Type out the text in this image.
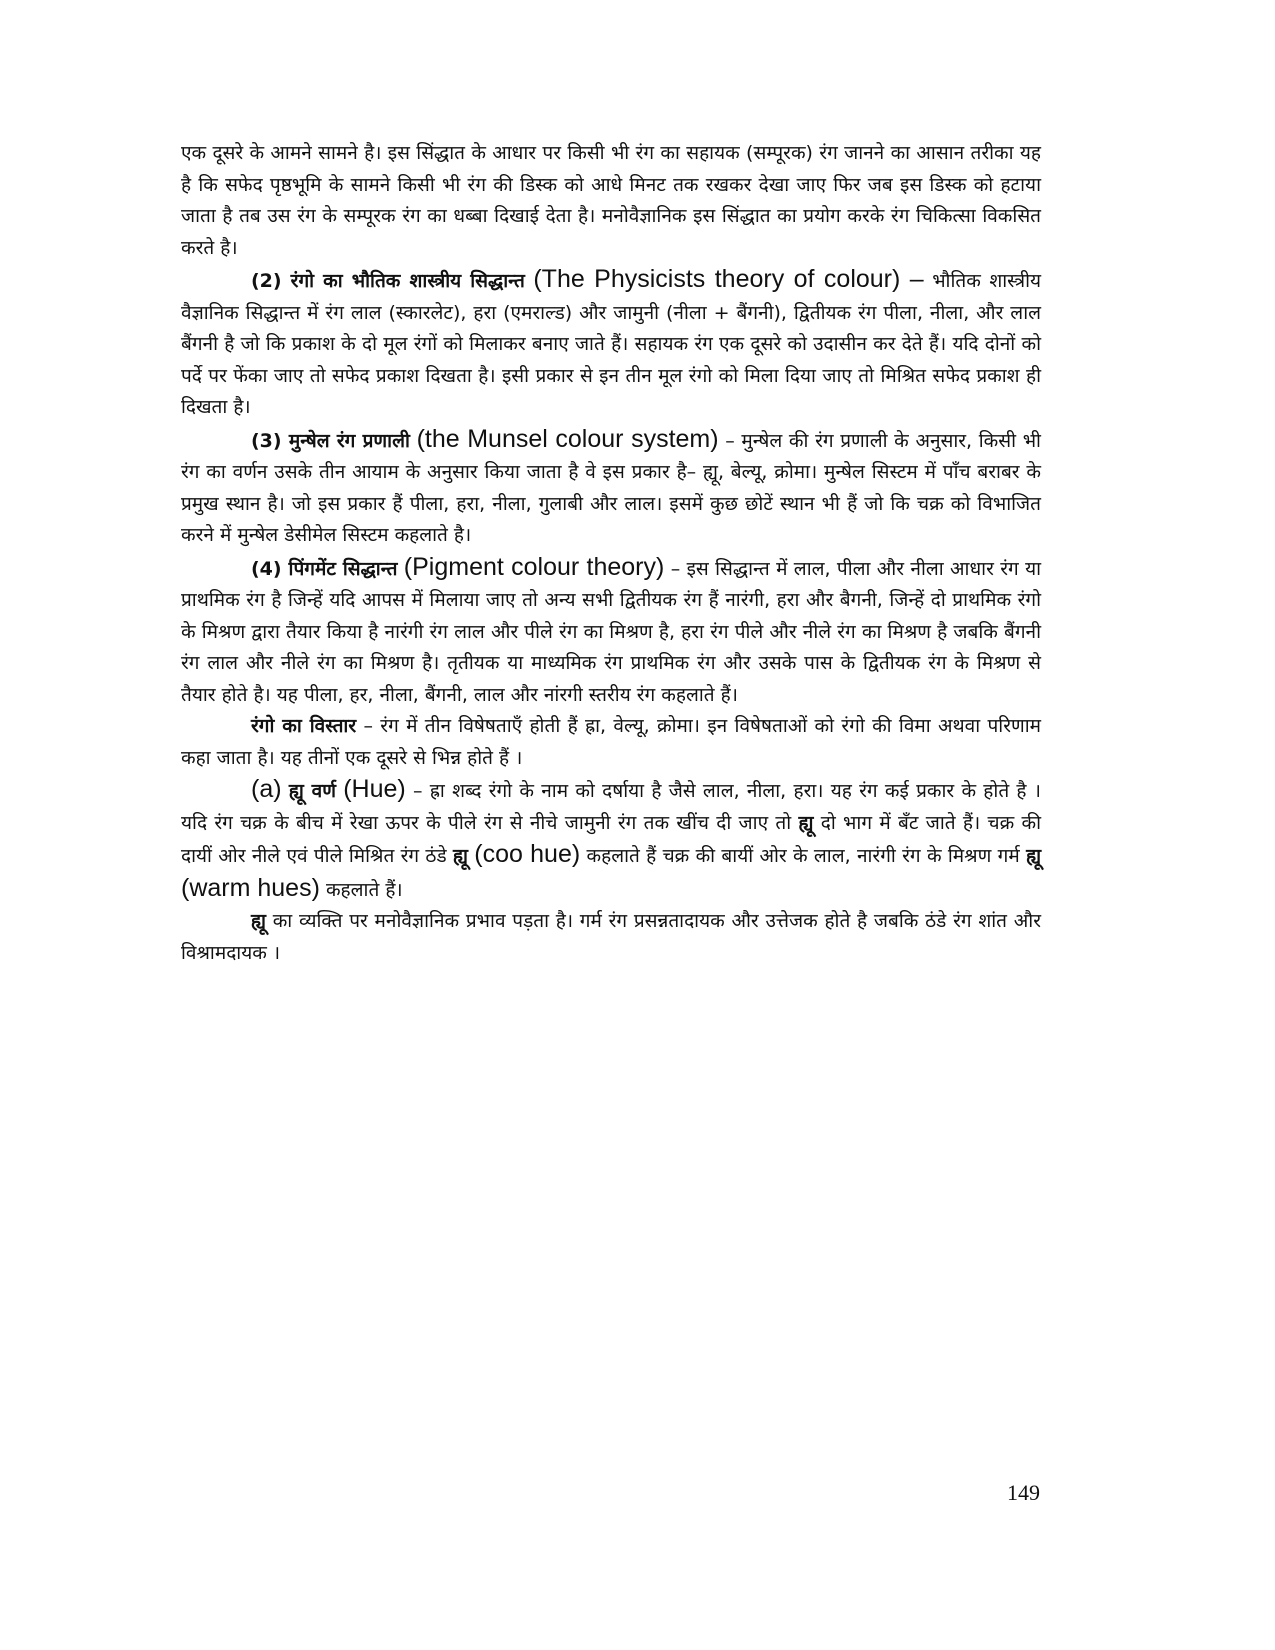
एक दूसरे के आमने सामने है। इस सिंद्धात के आधार पर किसी भी रंग का सहायक (सम्पूरक) रंग जानने का आसान तरीका यह है कि सफेद पृष्ठभूमि के सामने किसी भी रंग की डिस्क को आधे मिनट तक रखकर देखा जाए फिर जब इस डिस्क को हटाया जाता है तब उस रंग के सम्पूरक रंग का धब्बा दिखाई देता है। मनोवैज्ञानिक इस सिंद्धात का प्रयोग करके रंग चिकित्सा विकसित करते है।

(2) रंगो का भौतिक शास्त्रीय सिद्धान्त (The Physicists theory of colour) – भौतिक शास्त्रीय वैज्ञानिक सिद्धान्त में रंग लाल (स्कारलेट), हरा (एमराल्ड) और जामुनी (नीला + बैंगनी), द्वितीयक रंग पीला, नीला, और लाल बैंगनी है जो कि प्रकाश के दो मूल रंगों को मिलाकर बनाए जाते हैं। सहायक रंग एक दूसरे को उदासीन कर देते हैं। यदि दोनों को पर्दे पर फेंका जाए तो सफेद प्रकाश दिखता है। इसी प्रकार से इन तीन मूल रंगो को मिला दिया जाए तो मिश्रित सफेद प्रकाश ही दिखता है।

(3) मुन्षेल रंग प्रणाली (the Munsel colour system) – मुन्षेल की रंग प्रणाली के अनुसार, किसी भी रंग का वर्णन उसके तीन आयाम के अनुसार किया जाता है वे इस प्रकार है– ह्यू, बेल्यू, क्रोमा। मुन्षेल सिस्टम में पाँच बराबर के प्रमुख स्थान है। जो इस प्रकार हैं पीला, हरा, नीला, गुलाबी और लाल। इसमें कुछ छोटें स्थान भी हैं जो कि चक्र को विभाजित करने में मुन्षेल डेसीमेल सिस्टम कहलाते है।

(4) पिंगमेंट सिद्धान्त (Pigment colour theory) – इस सिद्धान्त में लाल, पीला और नीला आधार रंग या प्राथमिक रंग है जिन्हें यदि आपस में मिलाया जाए तो अन्य सभी द्वितीयक रंग हैं नारंगी, हरा और बैगनी, जिन्हें दो प्राथमिक रंगो के मिश्रण द्वारा तैयार किया है नारंगी रंग लाल और पीले रंग का मिश्रण है, हरा रंग पीले और नीले रंग का मिश्रण है जबकि बैंगनी रंग लाल और नीले रंग का मिश्रण है। तृतीयक या माध्यमिक रंग प्राथमिक रंग और उसके पास के द्वितीयक रंग के मिश्रण से तैयार होते है। यह पीला, हर, नीला, बैंगनी, लाल और नांरगी स्तरीय रंग कहलाते हैं।

रंगो का विस्तार – रंग में तीन विषेषताएँ होती हैं ह्रा, वेल्यू, क्रोमा। इन विषेषताओं को रंगो की विमा अथवा परिणाम कहा जाता है। यह तीनों एक दूसरे से भिन्न होते हैं ।

(a) ह्यू वर्ण (Hue) – ह्रा शब्द रंगो के नाम को दर्षाया है जैसे लाल, नीला, हरा। यह रंग कई प्रकार के होते है । यदि रंग चक्र के बीच में रेखा ऊपर के पीले रंग से नीचे जामुनी रंग तक खींच दी जाए तो ह्यू दो भाग में बँट जाते हैं। चक्र की दायीं ओर नीले एवं पीले मिश्रित रंग ठंडे ह्यू (coo hue) कहलाते हैं चक्र की बायीं ओर के लाल, नारंगी रंग के मिश्रण गर्म ह्यू (warm hues) कहलाते हैं।

ह्यू का व्यक्ति पर मनोवैज्ञानिक प्रभाव पड़ता है। गर्म रंग प्रसन्नतादायक और उत्तेजक होते है जबकि ठंडे रंग शांत और विश्रामदायक ।

149
